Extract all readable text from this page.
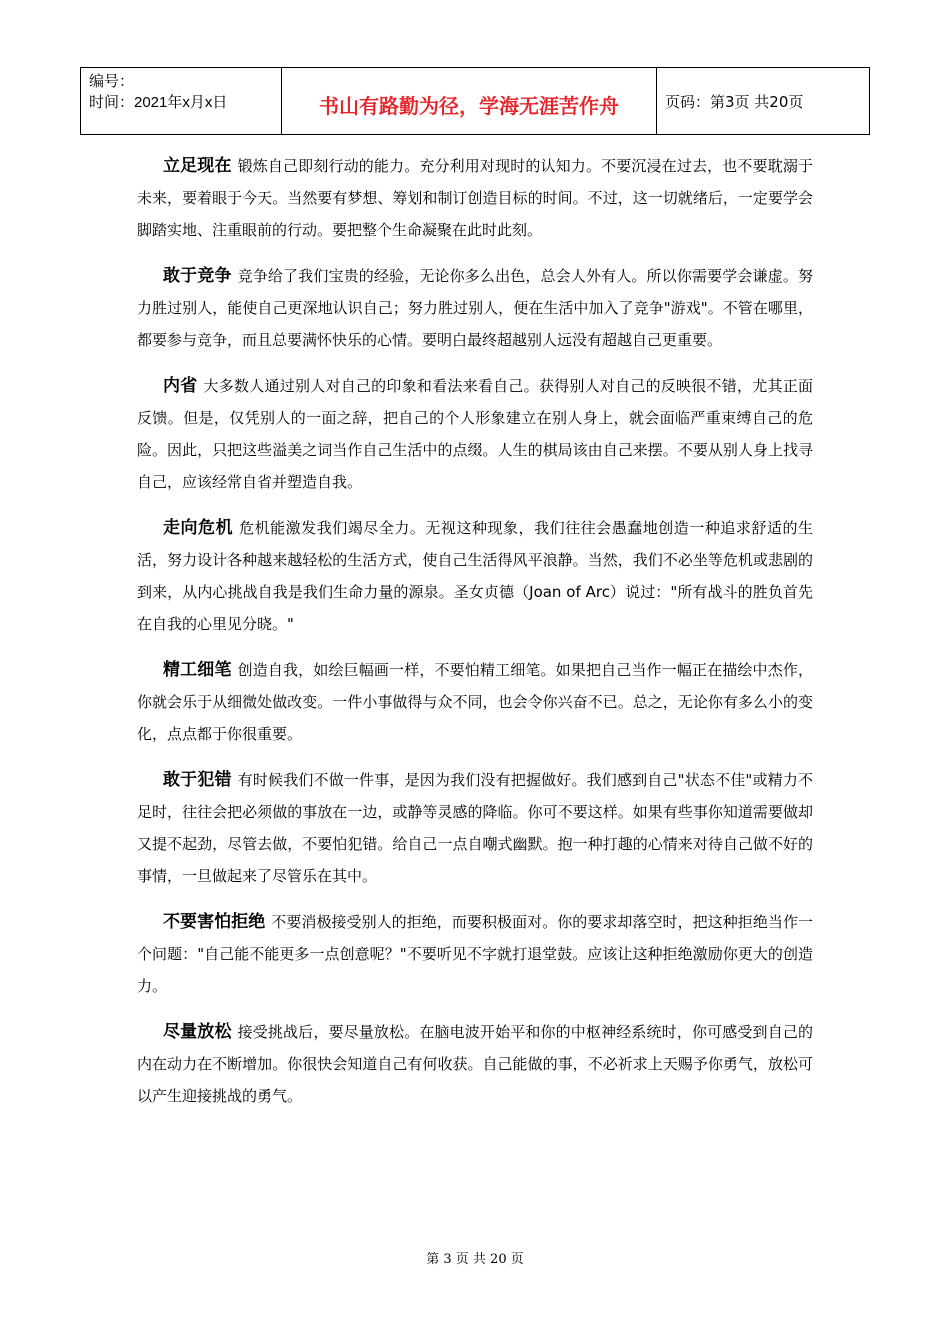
编号：
时间：2021年x月x日	书山有路勤为径，学海无涯苦作舟	页码：第3页 共20页

立足现在 锻炼自己即刻行动的能力。充分利用对现时的认知力。不要沉浸在过去，也不要耽溺于未来，要着眼于今天。当然要有梦想、筹划和制订创造目标的时间。不过，这一切就绪后，一定要学会脚踏实地、注重眼前的行动。要把整个生命凝聚在此时此刻。

敢于竞争 竞争给了我们宝贵的经验，无论你多么出色，总会人外有人。所以你需要学会谦虚。努力胜过别人，能使自己更深地认识自己；努力胜过别人，便在生活中加入了竞争"游戏"。不管在哪里，都要参与竞争，而且总要满怀快乐的心情。要明白最终超越别人远没有超越自己更重要。

内省 大多数人通过别人对自己的印象和看法来看自己。获得别人对自己的反映很不错，尤其正面反馈。但是，仅凭别人的一面之辞，把自己的个人形象建立在别人身上，就会面临严重束缚自己的危险。因此，只把这些溢美之词当作自己生活中的点缀。人生的棋局该由自己来摆。不要从别人身上找寻自己，应该经常自省并塑造自我。

走向危机 危机能激发我们竭尽全力。无视这种现象，我们往往会愚蠢地创造一种追求舒适的生活，努力设计各种越来越轻松的生活方式，使自己生活得风平浪静。当然，我们不必坐等危机或悲剧的到来，从内心挑战自我是我们生命力量的源泉。圣女贞德（Joan of Arc）说过："所有战斗的胜负首先在自我的心里见分晓。"

精工细笔 创造自我，如绘巨幅画一样，不要怕精工细笔。如果把自己当作一幅正在描绘中杰作，你就会乐于从细微处做改变。一件小事做得与众不同，也会令你兴奋不已。总之，无论你有多么小的变化，点点都于你很重要。

敢于犯错 有时候我们不做一件事，是因为我们没有把握做好。我们感到自己"状态不佳"或精力不足时，往往会把必须做的事放在一边，或静等灵感的降临。你可不要这样。如果有些事你知道需要做却又提不起劲，尽管去做，不要怕犯错。给自己一点自嘲式幽默。抱一种打趣的心情来对待自己做不好的事情，一旦做起来了尽管乐在其中。

不要害怕拒绝 不要消极接受别人的拒绝，而要积极面对。你的要求却落空时，把这种拒绝当作一个问题："自己能不能更多一点创意呢？"不要听见不字就打退堂鼓。应该让这种拒绝激励你更大的创造力。

尽量放松 接受挑战后，要尽量放松。在脑电波开始平和你的中枢神经系统时，你可感受到自己的内在动力在不断增加。你很快会知道自己有何收获。自己能做的事，不必祈求上天赐予你勇气，放松可以产生迎接挑战的勇气。

第 3 页 共 20 页
